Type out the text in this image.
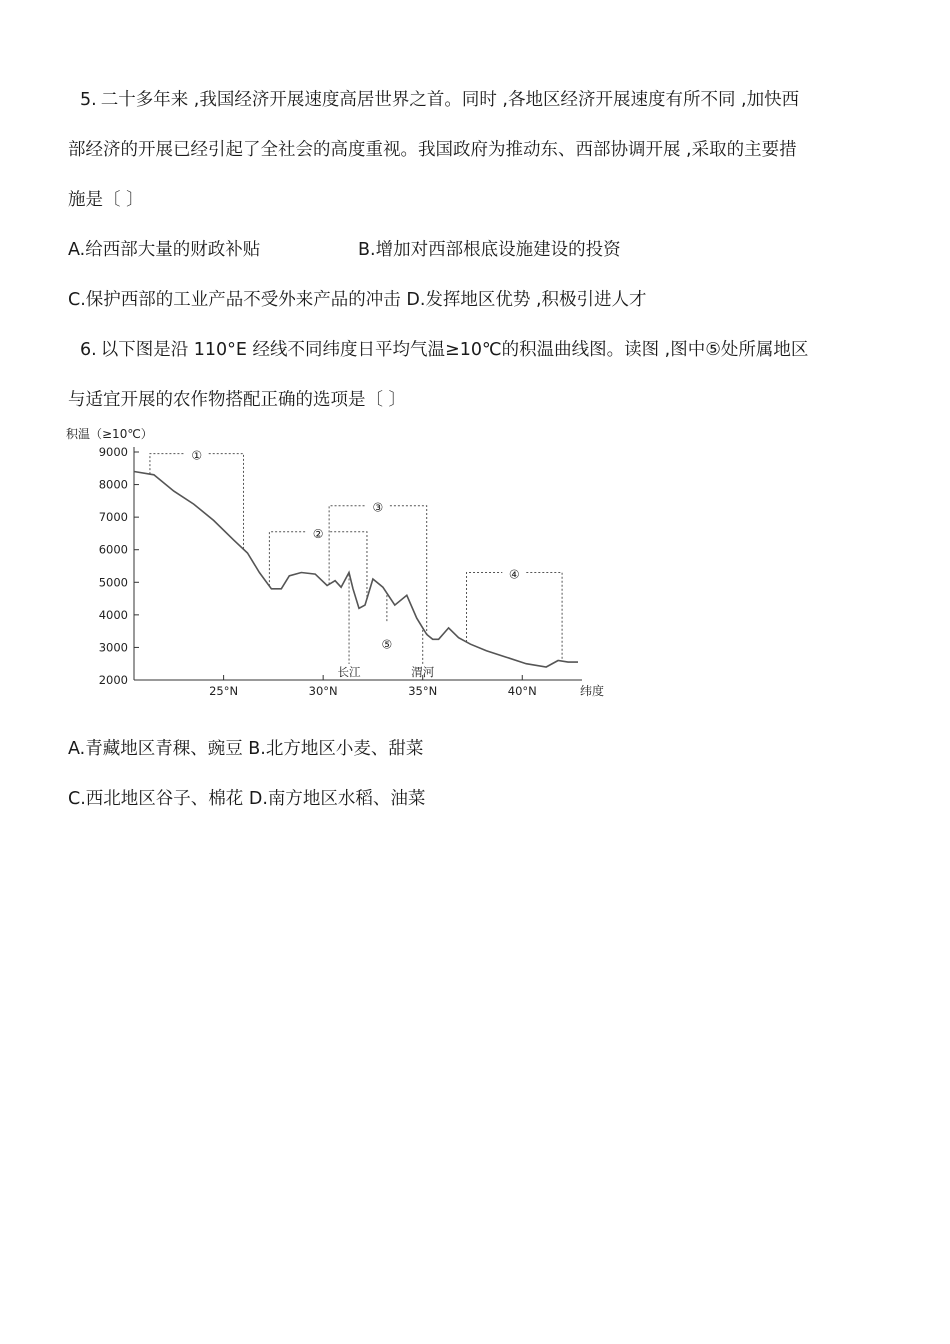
5. 二十多年来 ,我国经济开展速度高居世界之首。同时 ,各地区经济开展速度有所不同 ,加快西
部经济的开展已经引起了全社会的高度重视。我国政府为推动东、西部协调开展 ,采取的主要措
施是〔 〕
A.给西部大量的财政补贴	B.增加对西部根底设施建设的投资
C.保护西部的工业产品不受外来产品的冲击 D.发挥地区优势 ,积极引进人才
6. 以下图是沿 110°E 经线不同纬度日平均气温≥10℃的积温曲线图。读图 ,图中⑤处所属地区
与适宜开展的农作物搭配正确的选项是〔 〕
积温（≥10℃）
2000
3000
4000
5000
6000
7000
8000
9000
25°N	30°N	35°N	40°N
①
②
③
④
⑤
长江	渭河
纬度
A.青藏地区青稞、豌豆 B.北方地区小麦、甜菜
C.西北地区谷子、棉花 D.南方地区水稻、油菜
